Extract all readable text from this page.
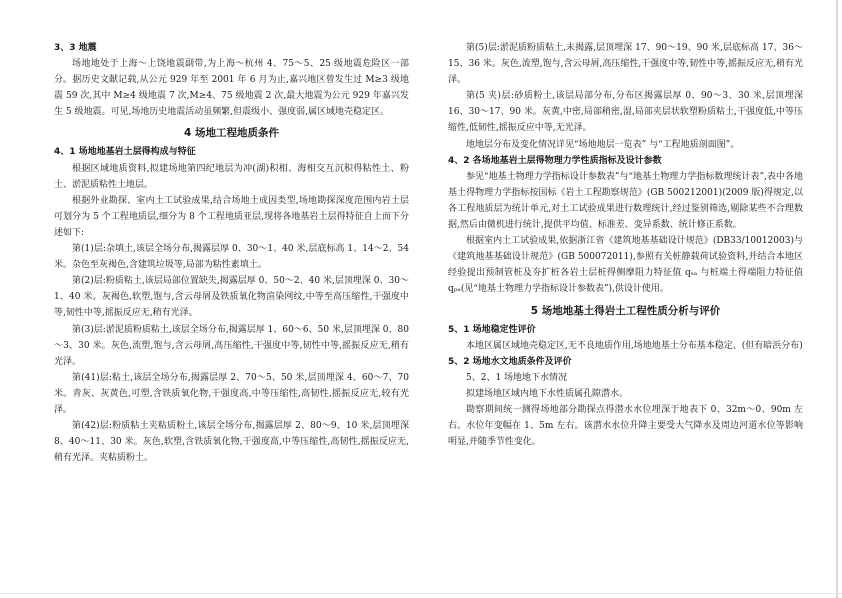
3、3 地震

场地地处于上海～上饶地震副带,为上海～杭州 4、75～5、25 级地震危险区一部分。据历史文献记载,从公元 929 年至 2001 年 6 月为止,嘉兴地区曾发生过 M≥3 级地震 59 次,其中 M≥4 级地震 7 次,M≥4、75 级地震 2 次,最大地震为公元 929 年嘉兴发生 5 级地震。可见,场地历史地震活动虽频繁,但震级小、强度弱,属区域地壳稳定区。

4 场地工程地质条件

4、1 场地地基岩土层得构成与特征

根据区域地质资料,拟建场地第四纪地层为冲(湖)积相、海相交互沉积得粘性土、粉土、淤泥质粘性土地层。

根据外业勘探、室内土工试验成果,结合场地土成因类型,场地勘探深度范围内岩土层可划分为 5 个工程地质层,细分为 8 个工程地质亚层,现将各地基岩土层得特征自上而下分述如下:

第(1)层:杂填土,该层全场分布,揭露层厚 0、30～1、40 米,层底标高 1、14～2、54 米。杂色至灰褐色,含建筑垃圾等,局部为粘性素填土。

第(2)层:粉质粘土,该层局部位置缺失,揭露层厚 0、50～2、40 米,层顶埋深 0、30～1、40 米。灰褐色,软塑,饱与,含云母屑及铁质氧化物渲染网纹,中等至高压缩性,干强度中等,韧性中等,摇振反应无,稍有光泽。

第(3)层:淤泥质粉质粘土,该层全场分布,揭露层厚 1、60～6、50 米,层顶埋深 0、80～3、30 米。灰色,流塑,饱与,含云母屑,高压缩性,干强度中等,韧性中等,摇振反应无,稍有光泽。

第(41)层:粘土,该层全场分布,揭露层厚 2、70～5、50 米,层顶埋深 4、60～7、70 米。青灰、灰黄色,可塑,含铁质氧化物,干强度高,中等压缩性,高韧性,摇振反应无,较有光泽。

第(42)层:粉质粘土夹粘质粉土,该层全场分布,揭露层厚 2、80～9、10 米,层顶埋深 8、40～11、30 米。灰色,软塑,含铁质氧化物,干强度高,中等压缩性,高韧性,摇振反应无,稍有光泽。夹粘质粉土。

第(5)层:淤泥质粉质粘土,未揭露,层顶埋深 17、90～19、90 米,层底标高 17、36～15、36 米。灰色,流塑,饱与,含云母屑,高压缩性,干强度中等,韧性中等,摇振反应无,稍有光泽。

第(5 夹)层:砂质粉土,该层局部分布,分布区揭露层厚 0、90～3、30 米,层顶埋深 16、30～17、90 米。灰黄,中密,局部稍密,湿,局部夹层状软塑粉质粘土,干强度低,中等压缩性,低韧性,摇振反应中等,无光泽。

地地层分布及变化情况详见“场地地层一览表” 与“工程地质剖面图”。

4、2 各场地基岩土层得物理力学性质指标及设计参数

参见“地基土物理力学指标设计参数表”与“地基土物理力学指标数理统计表”,表中各地基土得物理力学指标按国标《岩土工程勘察规范》(GB 500212001)(2009 版)得规定,以各工程地质层为统计单元,对土工试验成果进行数理统计,经过鉴别筛选,剔除某些不合理数据,然后由微机进行统计,提供平均值、标准差、变异系数、统计修正系数。

根据室内土工试验成果,依据浙江省《建筑地基基础设计规范》(DB33/10012003)与《建筑地基基础设计规范》(GB 500072011),参照有关桩静载荷试验资料,并结合本地区经验提出预制管桩及夯扩桩各岩土层桩得侧摩阻力特征值 qₛₐ 与桩端土得端阻力特征值 qₚₐ(见“地基土物理力学指标设计参数表”),供设计使用。

5 场地地基土得岩土工程性质分析与评价

5、1 场地稳定性评价

本地区属区域地壳稳定区,无不良地质作用,场地地基土分布基本稳定、(但有暗浜分布)

5、2 场地水文地质条件及评价

5、2、1 场地地下水情况

拟建场地区域内地下水性质属孔隙潜水。

勘察期间统一测得场地部分勘探点得潜水水位埋深于地表下 0、32m～0、90m 左右。水位年变幅在 1、5m 左右。该潜水水位升降主要受大气降水及周边河道水位等影响明显,并随季节性变化。
